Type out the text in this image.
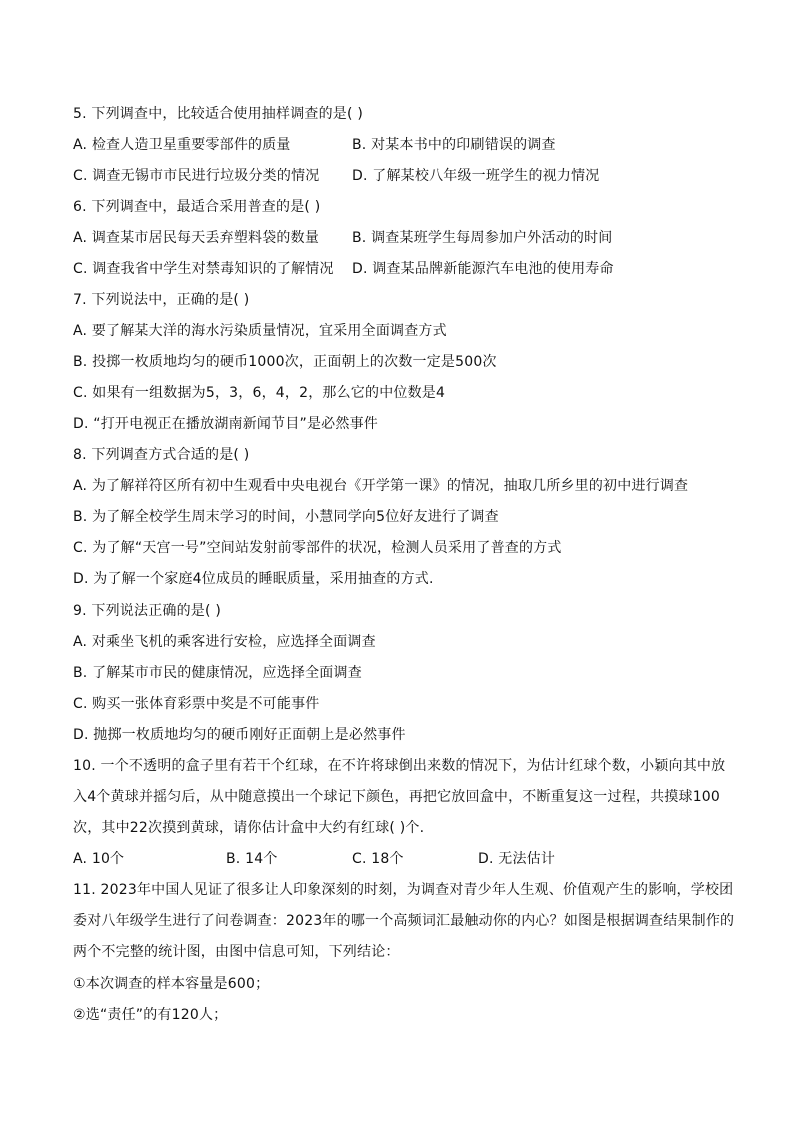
5. 下列调查中，比较适合使用抽样调查的是( )
A. 检查人造卫星重要零部件的质量	B. 对某本书中的印刷错误的调查
C. 调查无锡市市民进行垃圾分类的情况 D. 了解某校八年级一班学生的视力情况
6. 下列调查中，最适合采用普查的是( )
A. 调查某市居民每天丢弃塑料袋的数量 B. 调查某班学生每周参加户外活动的时间
C. 调查我省中学生对禁毒知识的了解情况 D. 调查某品牌新能源汽车电池的使用寿命
7. 下列说法中，正确的是( )
A. 要了解某大洋的海水污染质量情况，宜采用全面调查方式
B. 投掷一枚质地均匀的硬币1000次，正面朝上的次数一定是500次
C. 如果有一组数据为5，3，6，4，2，那么它的中位数是4
D. “打开电视正在播放湖南新闻节目”是必然事件
8. 下列调查方式合适的是( )
A. 为了解祥符区所有初中生观看中央电视台《开学第一课》的情况，抽取几所乡里的初中进行调查
B. 为了解全校学生周末学习的时间，小慧同学向5位好友进行了调查
C. 为了解“天宫一号”空间站发射前零部件的状况，检测人员采用了普查的方式
D. 为了解一个家庭4位成员的睡眠质量，采用抽查的方式.
9. 下列说法正确的是( )
A. 对乘坐飞机的乘客进行安检，应选择全面调查
B. 了解某市市民的健康情况，应选择全面调查
C. 购买一张体育彩票中奖是不可能事件
D. 抛掷一枚质地均匀的硬币刚好正面朝上是必然事件
10. 一个不透明的盒子里有若干个红球，在不许将球倒出来数的情况下，为估计红球个数，小颖向其中放
入4个黄球并摇匀后，从中随意摸出一个球记下颜色，再把它放回盒中，不断重复这一过程，共摸球100
次，其中22次摸到黄球，请你估计盒中大约有红球( )个.
A. 10个	B. 14个	C. 18个	D. 无法估计
11. 2023年中国人见证了很多让人印象深刻的时刻，为调查对青少年人生观、价值观产生的影响，学校团
委对八年级学生进行了问卷调查：2023年的哪一个高频词汇最触动你的内心？如图是根据调查结果制作的
两个不完整的统计图，由图中信息可知，下列结论：
①本次调查的样本容量是600；
②选“责任”的有120人；
